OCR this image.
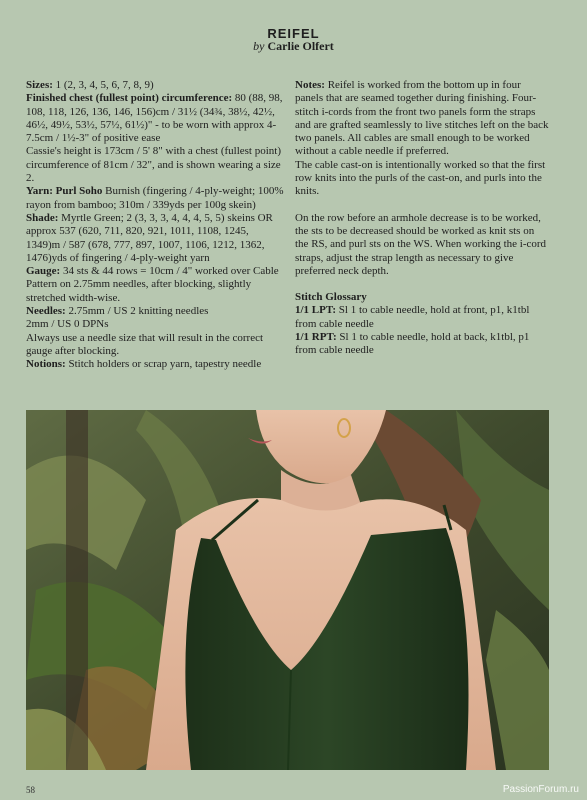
REIFEL
by Carlie Olfert

Sizes: 1 (2, 3, 4, 5, 6, 7, 8, 9)

Finished chest (fullest point) circumference: 80 (88, 98, 108, 118, 126, 136, 146, 156)cm / 31½ (34¾, 38½, 42½, 46½, 49½, 53½, 57½, 61½)" - to be worn with approx 4-7.5cm / 1½-3" of positive ease

Cassie's height is 173cm / 5' 8" with a chest (fullest point) circumference of 81cm / 32", and is shown wearing a size 2.

Yarn: Purl Soho Burnish (fingering / 4-ply-weight; 100% rayon from bamboo; 310m / 339yds per 100g skein)

Shade: Myrtle Green; 2 (3, 3, 3, 4, 4, 4, 5, 5) skeins OR approx 537 (620, 711, 820, 921, 1011, 1108, 1245, 1349)m / 587 (678, 777, 897, 1007, 1106, 1212, 1362, 1476)yds of fingering / 4-ply-weight yarn

Gauge: 34 sts & 44 rows = 10cm / 4" worked over Cable Pattern on 2.75mm needles, after blocking, slightly stretched width-wise.

Needles: 2.75mm / US 2 knitting needles

2mm / US 0 DPNs

Always use a needle size that will result in the correct gauge after blocking.

Notions: Stitch holders or scrap yarn, tapestry needle

Notes: Reifel is worked from the bottom up in four panels that are seamed together during finishing. Four-stitch i-cords from the front two panels form the straps and are grafted seamlessly to live stitches left on the back two panels. All cables are small enough to be worked without a cable needle if preferred.

The cable cast-on is intentionally worked so that the first row knits into the purls of the cast-on, and purls into the knits.

On the row before an armhole decrease is to be worked, the sts to be decreased should be worked as knit sts on the RS, and purl sts on the WS. When working the i-cord straps, adjust the strap length as necessary to give preferred neck depth.

Stitch Glossary

1/1 LPT: Sl 1 to cable needle, hold at front, p1, k1tbl from cable needle

1/1 RPT: Sl 1 to cable needle, hold at back, k1tbl, p1 from cable needle

58	PassionForum.ru
